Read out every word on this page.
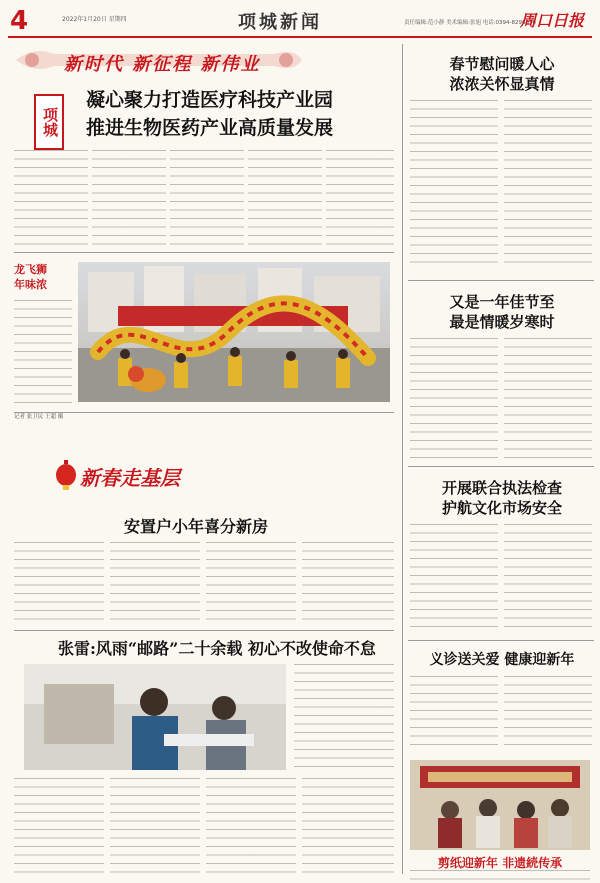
4	2022年1月20日 星期四	项城新闻	责任编辑:范小静 美术编辑:张旭 电话:0394-8296070
周口日报
新时代 新征程 新伟业
项城
凝心聚力打造医疗科技产业园
推进生物医药产业高质量发展
春节慰问暖人心
浓浓关怀显真情
又是一年佳节至
最是情暖岁寒时
开展联合执法检查
护航文化市场安全
义诊送关爱 健康迎新年
剪纸迎新年 非遗続传承
龙飞狮
年味浓
记者 张卫民 王超 摄
新春走基层
安置户小年喜分新房
张雷:风雨“邮路”二十余载 初心不改使命不怠
